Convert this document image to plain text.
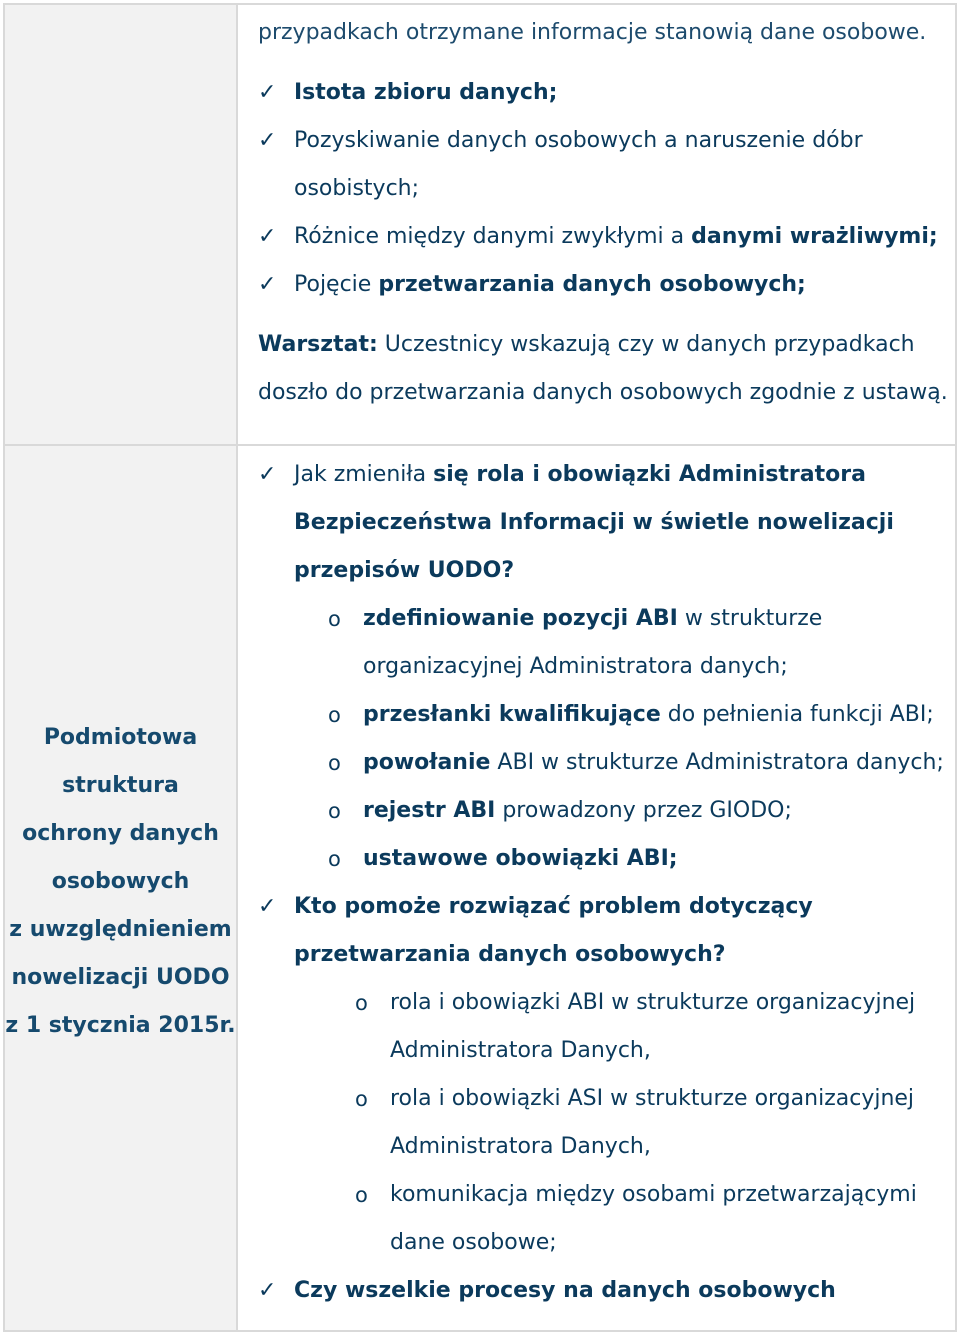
przypadkach otrzymane informacje stanowią dane osobowe.
✓ Istota zbioru danych;
✓ Pozyskiwanie danych osobowych a naruszenie dóbr
osobistych;
✓ Różnice między danymi zwykłymi a danymi wrażliwymi;
✓ Pojęcie przetwarzania danych osobowych;
Warsztat: Uczestnicy wskazują czy w danych przypadkach
doszło do przetwarzania danych osobowych zgodnie z ustawą.
Podmiotowa
struktura
ochrony danych
osobowych
z uwzględnieniem
nowelizacji UODO
z 1 stycznia 2015r.
✓ Jak zmieniła się rola i obowiązki Administratora
Bezpieczeństwa Informacji w świetle nowelizacji
przepisów UODO?
o zdefiniowanie pozycji ABI w strukturze
organizacyjnej Administratora danych;
o przesłanki kwalifikujące do pełnienia funkcji ABI;
o powołanie ABI w strukturze Administratora danych;
o rejestr ABI prowadzony przez GIODO;
o ustawowe obowiązki ABI;
✓ Kto pomoże rozwiązać problem dotyczący
przetwarzania danych osobowych?
o rola i obowiązki ABI w strukturze organizacyjnej
Administratora Danych,
o rola i obowiązki ASI w strukturze organizacyjnej
Administratora Danych,
o komunikacja między osobami przetwarzającymi
dane osobowe;
✓ Czy wszelkie procesy na danych osobowych
